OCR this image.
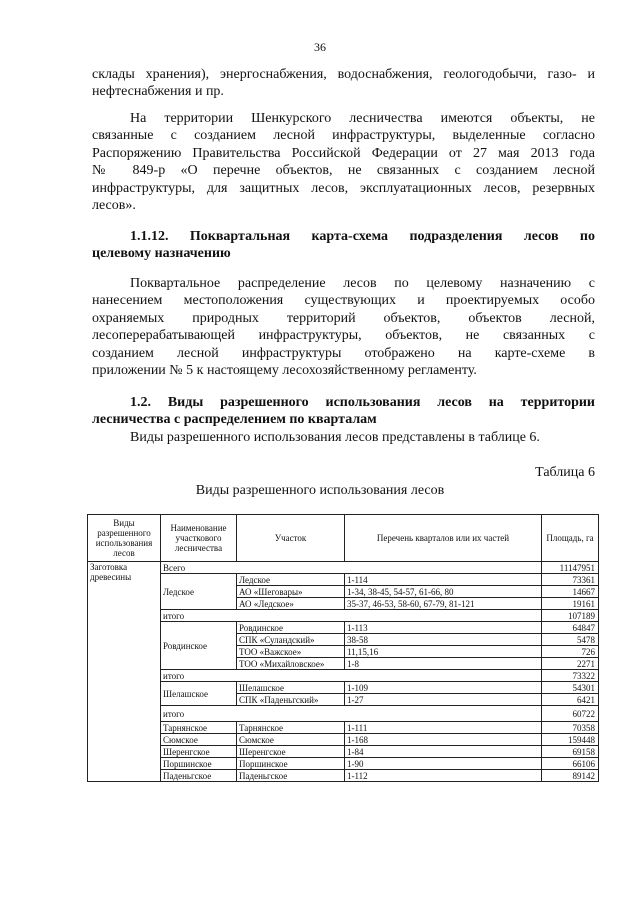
36
склады хранения), энергоснабжения, водоснабжения, геологодобычи, газо- и
нефтеснабжения и пр.
На территории Шенкурского лесничества имеются объекты, не
связанные с созданием лесной инфраструктуры, выделенные согласно
Распоряжению Правительства Российской Федерации от 27 мая 2013 года
№ 849-р «О перечне объектов, не связанных с созданием лесной
инфраструктуры, для защитных лесов, эксплуатационных лесов, резервных
лесов».
1.1.12. Поквартальная карта-схема подразделения лесов по
целевому назначению
Поквартальное распределение лесов по целевому назначению с
нанесением местоположения существующих и проектируемых особо
охраняемых природных территорий объектов, объектов лесной,
лесоперерабатывающей инфраструктуры, объектов, не связанных с
созданием лесной инфраструктуры отображено на карте-схеме в
приложении № 5 к настоящему лесохозяйственному регламенту.
1.2. Виды разрешенного использования лесов на территории
лесничества с распределением по кварталам
Виды разрешенного использования лесов представлены в таблице 6.
Таблица 6
Виды разрешенного использования лесов
Виды разрешенного использования лесов	Наименование участкового лесничества	Участок	Перечень кварталов или их частей	Площадь, га
Заготовка древесины	Всего			11147951
	Ледское	Ледское	1-114	73361
		АО «Шеговары»	1-34, 38-45, 54-57, 61-66, 80	14667
		АО «Ледское»	35-37, 46-53, 58-60, 67-79, 81-121	19161
	итого			107189
	Ровдинское	Ровдинское	1-113	64847
		СПК «Суландский»	38-58	5478
		ТОО «Важское»	11,15,16	726
		ТОО «Михайловское»	1-8	2271
	итого			73322
	Шелашское	Шелашское	1-109	54301
		СПК «Паденьгский»	1-27	6421
	итого			60722
	Тарнянское	Тарнянское	1-111	70358
	Сюмское	Сюмское	1-168	159448
	Шеренгское	Шеренгское	1-84	69158
	Поршинское	Поршинское	1-90	66106
	Паденьгское	Паденьгское	1-112	89142
